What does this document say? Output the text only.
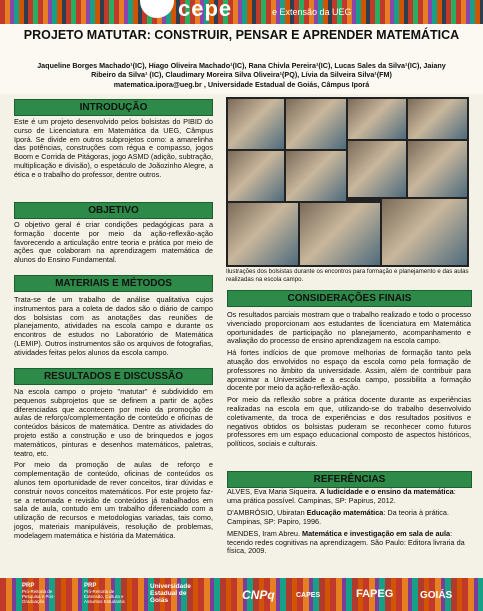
cepe	e Extensão da UEG
PROJETO MATUTAR: CONSTRUIR, PENSAR E APRENDER MATEMÁTICA
Jaqueline Borges Machado¹(IC), Hiago Oliveira Machado¹(IC), Rana Chivla Pereira¹(IC), Lucas Sales da Silva¹(IC), Jaiany
Ribeiro da Silva¹ (IC), Claudimary Moreira Silva Oliveira¹(PQ), Lívia da Silveira Silva¹(FM)
matematica.ipora@ueg.br , Universidade Estadual de Goiás, Câmpus Iporá
INTRODUÇÃO
Este é um projeto desenvolvido pelos bolsistas do PIBID do curso de Licenciatura em Matemática da UEG, Câmpus Iporá. Se divide em outros subprojetos como: a amarelinha das potências, construções com régua e compasso, jogos Boom e Corrida de Pitágoras, jogo ASMD (adição, subtração, multiplicação e divisão), o espetáculo de Joãozinho Alegre, a ética e o trabalho do professor, dentre outros.
OBJETIVO
O objetivo geral é criar condições pedagógicas para a formação docente por meio da ação-reflexão-ação favorecendo a articulação entre teoria e prática por meio de ações que colaboram na aprendizagem matemática de alunos do Ensino Fundamental.
MATERIAIS E MÉTODOS
Trata-se de um trabalho de análise qualitativa cujos instrumentos para a coleta de dados são o diário de campo dos bolsistas com as anotações das reuniões de planejamento, atividades na escola campo e durante os encontros de estudos no Laboratório de Matemática (LEMIP). Outros instrumentos são os arquivos de fotografias, atividades feitas pelos alunos da escola campo.
RESULTADOS E DISCUSSÃO

Na escola campo o projeto "matutar" é subdividido em pequenos subprojetos que se definem a partir de ações diferenciadas que acontecem por meio da promoção de aulas de reforço/complementação de conteúdo e oficinas de conteúdos básicos de matemática. Dentre as atividades do projeto estão a construção e uso de brinquedos e jogos matemáticos, pinturas e desenhos matemáticos, paletras, teatro, etc.

Por meio da promoção de aulas de reforço e complementação de conteúdo, oficinas de conteúdos os alunos tem oportunidade de rever conceitos, tirar dúvidas e construir novos conceitos matemáticos. Por este projeto faz-se a retomada e revisão de conteúdos já trabalhados em sala de aula, contudo em um trabalho diferenciado com a utilização de recursos e metodologias variadas, tais como, jogos, materiais manipuláveis, resolução de problemas, modelagem matemática e história da Matemática.

Ilustrações dos bolsistas durante os encontros para formação e planejamento e das aulas realizadas na escola campo.
CONSIDERAÇÕES FINAIS

Os resultados parciais mostram que o trabalho realizado e todo o processo vivenciado proporcionam aos estudantes de licenciatura em Matemática oportunidades de participação no planejamento, acompanhamento e avaliação do processo de ensino aprendizagem na escola campo.

Há fortes indícios de que promove melhorias de formação tanto pela atuação dos envolvidos no espaço da escola como pela formação de professores no âmbito da universidade. Assim, além de contribuir para aproximar a Universidade e a escola campo, possibilita a formação docente por meio da ação-reflexão-ação.

Por meio da reflexão sobre a prática docente durante as experiências realizadas na escola em que, utilizando-se do trabalho desenvolvido coletivamente, da troca de experiências e dos resultados positivos e negativos obtidos os bolsistas puderam se reconhecer como futuros professores em um espaço educacional composto de aspectos históricos, políticos, sociais e culturais.

REFERÊNCIAS

ALVES, Eva Maria Siqueira. A ludicidade e o ensino da matemática: uma prática possível. Campinas, SP: Papirus, 2012.

D'AMBRÓSIO, Ubiratan Educação matemática: Da teoria à prática. Campinas, SP: Papiro, 1996.

MENDES, Iram Abreu. Matemática e investigação em sala de aula: tecendo redes cognitivas na aprendizagem. São Paulo: Editora livraria da física, 2009.

PRP
Pró-Reitoria de Pesquisa e Pós-Graduação
PRP
Pró-Reitoria de Extensão, Cultura e Assuntos Estudantis
Universidade Estadual de Goiás	CNPq	CAPES	FAPEG	GOIÁS
